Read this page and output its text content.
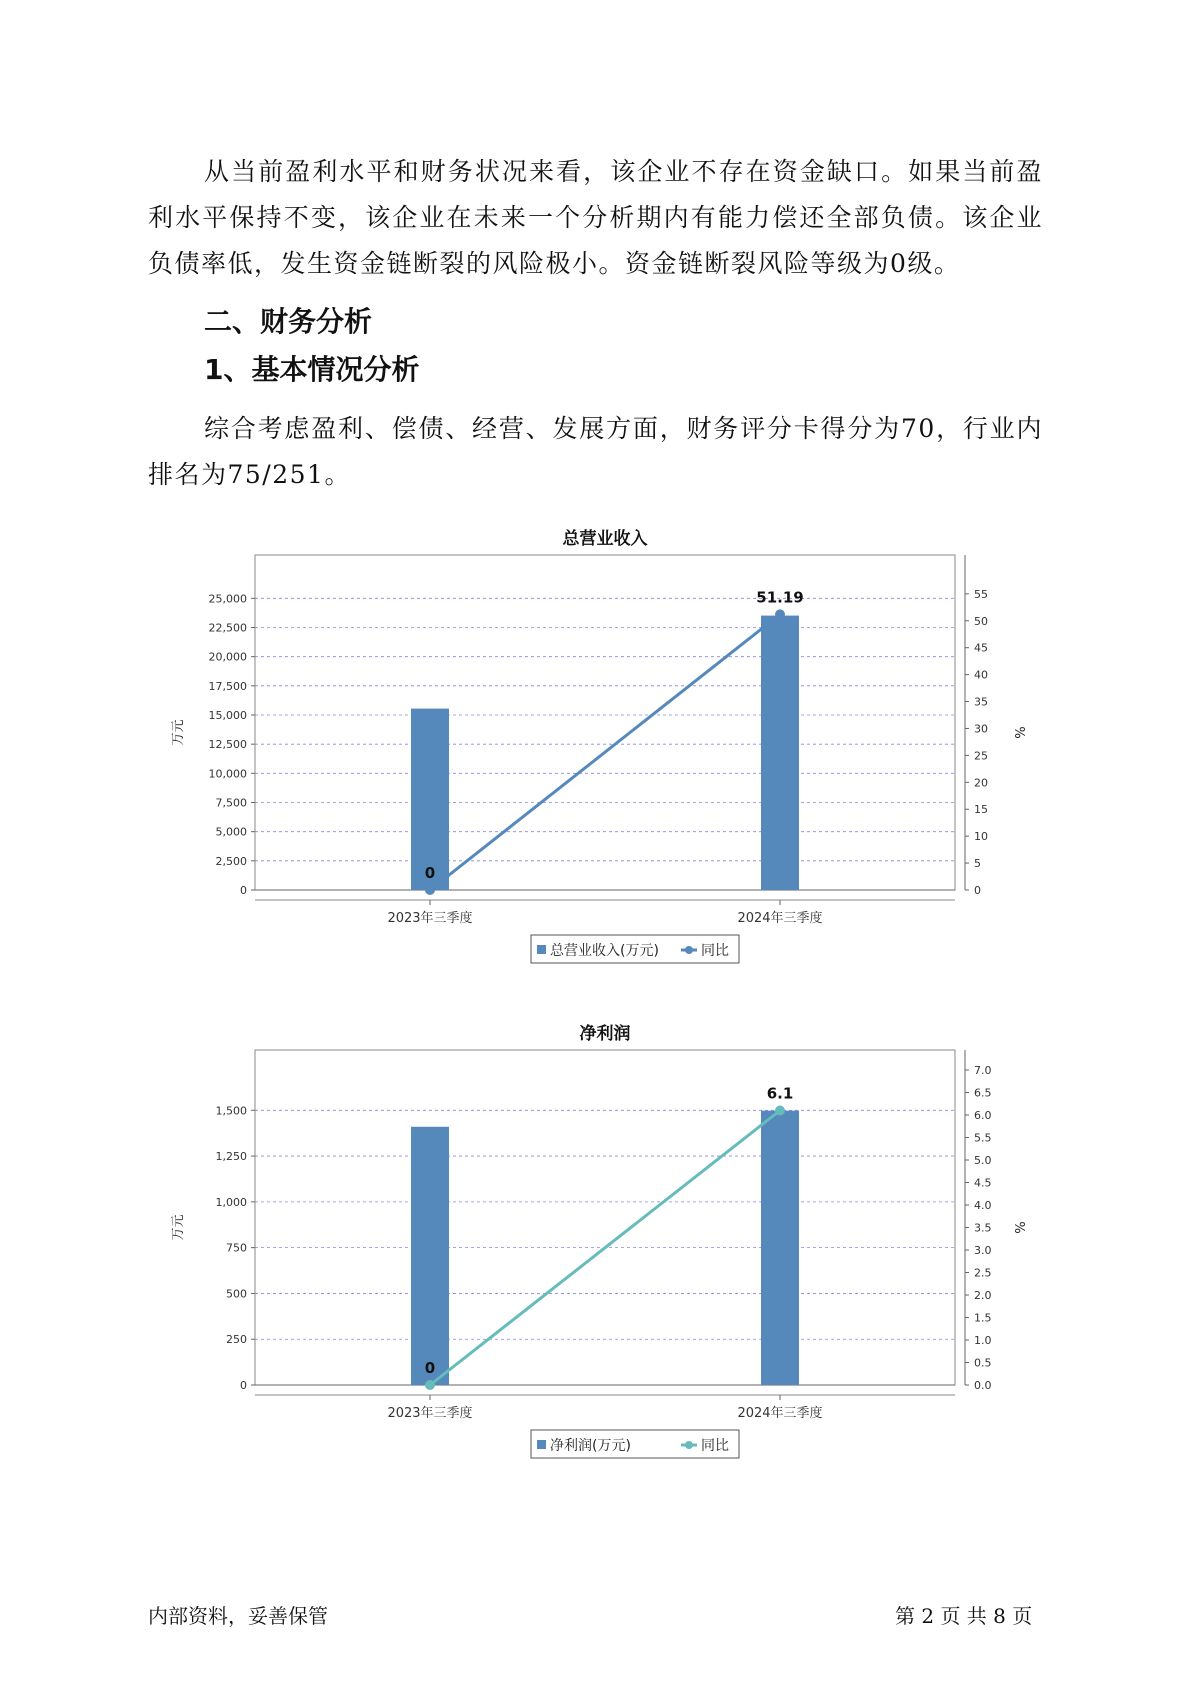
从当前盈利水平和财务状况来看，该企业不存在资金缺口。如果当前盈利水平保持不变，该企业在未来一个分析期内有能力偿还全部负债。该企业负债率低，发生资金链断裂的风险极小。资金链断裂风险等级为0级。

二、财务分析
1、基本情况分析

综合考虑盈利、偿债、经营、发展方面，财务评分卡得分为70，行业内排名为75/251。

总营业收入
0
2,500
5,000
7,500
10,000
12,500
15,000
17,500
20,000
22,500
25,000
0
5
10
15
20
25
30
35
40
45
50
55
万元	%
2023年三季度	2024年三季度
0
51.19
总营业收入(万元)	同比
净利润
0
250
500
750
1,000
1,250
1,500
0.0
0.5
1.0
1.5
2.0
2.5
3.0
3.5
4.0
4.5
5.0
5.5
6.0
6.5
7.0
万元	%
2023年三季度	2024年三季度
0
6.1
净利润(万元)	同比
内部资料，妥善保管	第 2 页 共 8 页
